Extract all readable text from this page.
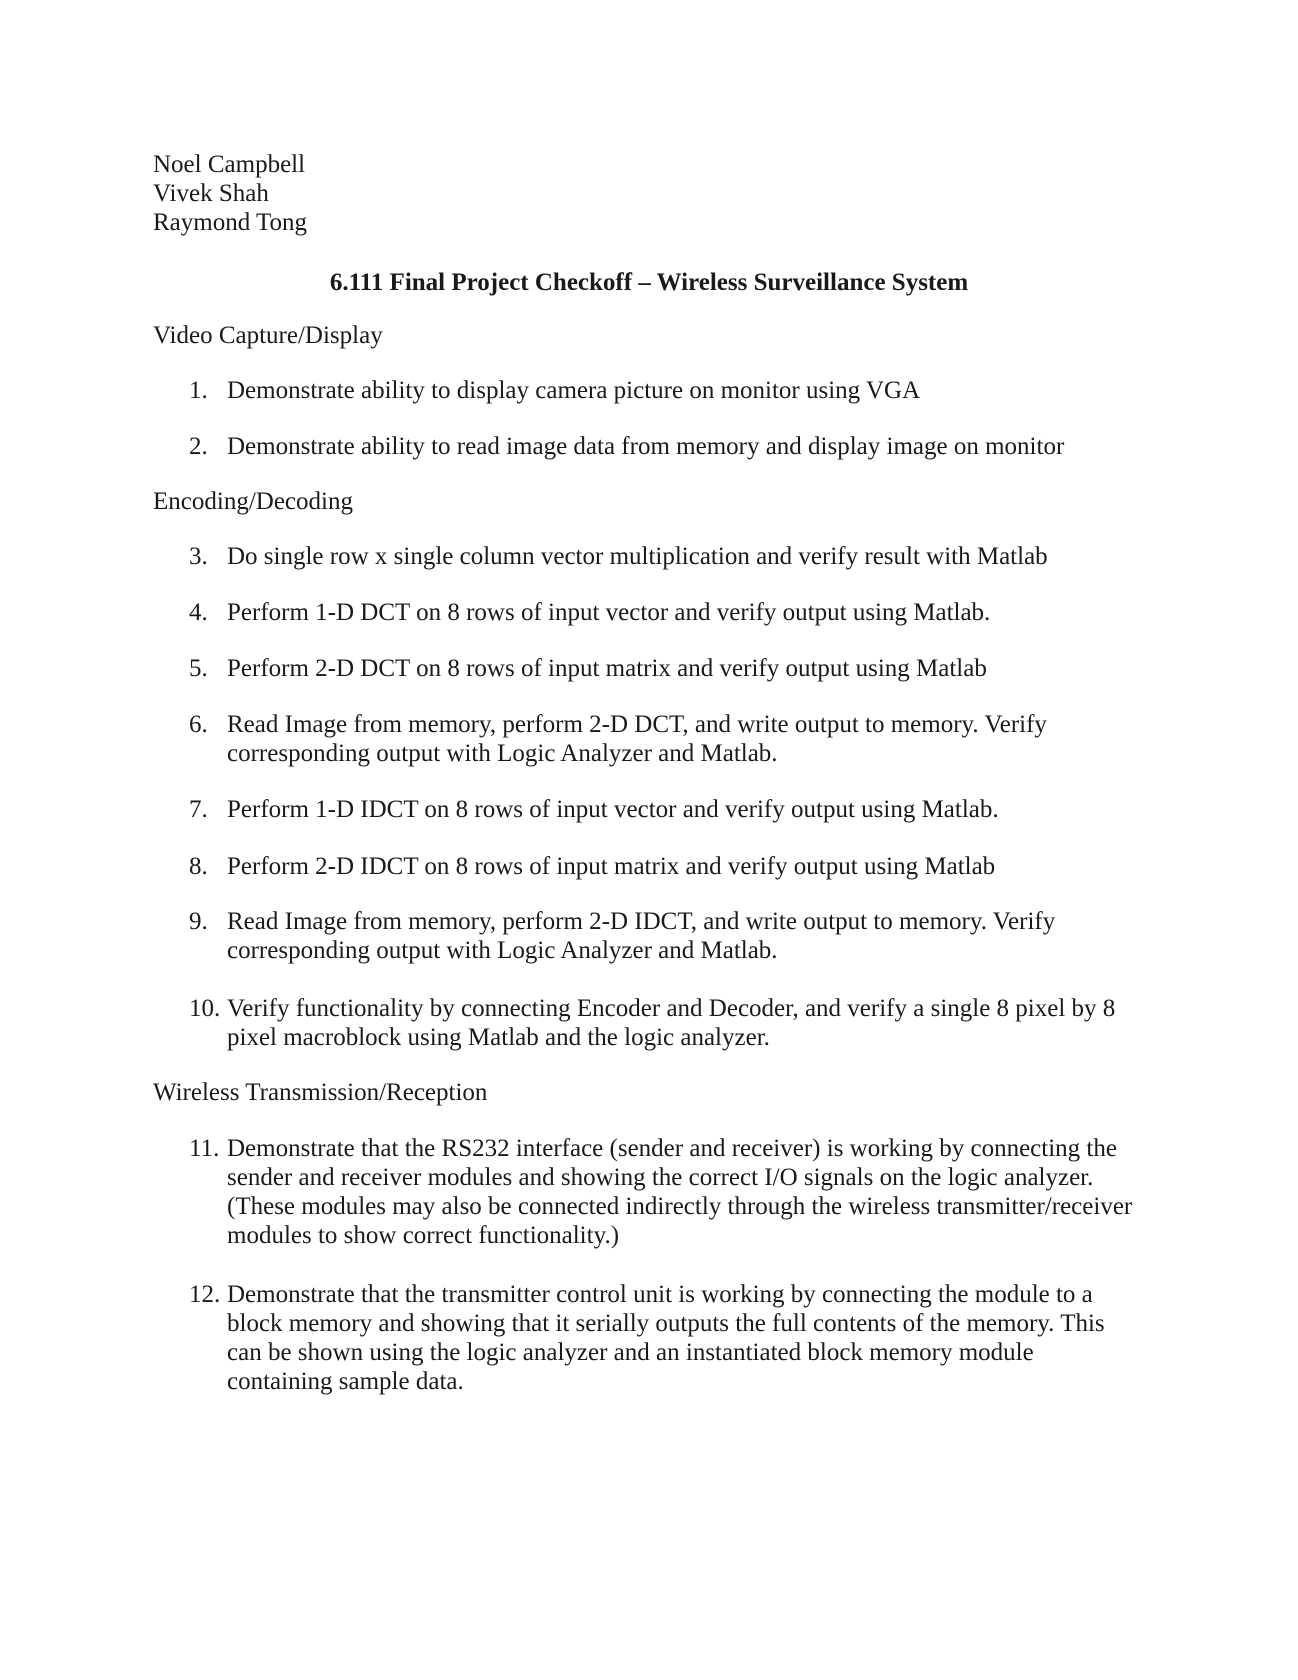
Noel Campbell
Vivek Shah
Raymond Tong
6.111 Final Project Checkoff – Wireless Surveillance System
Video Capture/Display
1. Demonstrate ability to display camera picture on monitor using VGA
2. Demonstrate ability to read image data from memory and display image on monitor
Encoding/Decoding
3. Do single row x single column vector multiplication and verify result with Matlab
4. Perform 1-D DCT on 8 rows of input vector and verify output using Matlab.
5. Perform 2-D DCT on 8 rows of input matrix and verify output using Matlab
6. Read Image from memory, perform 2-D DCT, and write output to memory. Verify corresponding output with Logic Analyzer and Matlab.
7. Perform 1-D IDCT on 8 rows of input vector and verify output using Matlab.
8. Perform 2-D IDCT on 8 rows of input matrix and verify output using Matlab
9. Read Image from memory, perform 2-D IDCT, and write output to memory. Verify corresponding output with Logic Analyzer and Matlab.
10. Verify functionality by connecting Encoder and Decoder, and verify a single 8 pixel by 8 pixel macroblock using Matlab and the logic analyzer.
Wireless Transmission/Reception
11. Demonstrate that the RS232 interface (sender and receiver) is working by connecting the sender and receiver modules and showing the correct I/O signals on the logic analyzer. (These modules may also be connected indirectly through the wireless transmitter/receiver modules to show correct functionality.)
12. Demonstrate that the transmitter control unit is working by connecting the module to a block memory and showing that it serially outputs the full contents of the memory. This can be shown using the logic analyzer and an instantiated block memory module containing sample data.
